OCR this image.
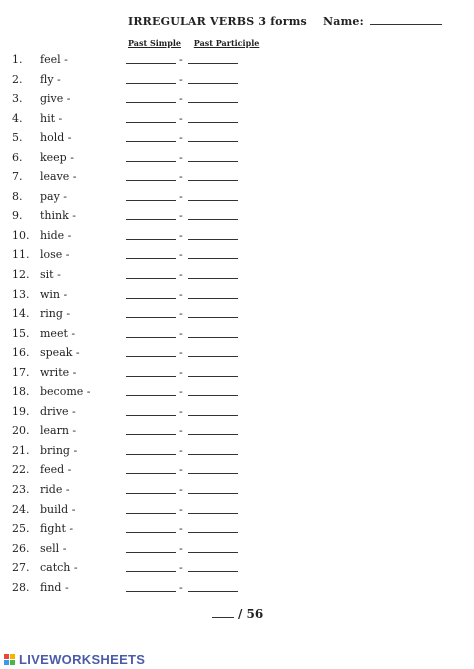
IRREGULAR VERBS 3 forms Name:
Past Simple Past Participle
1. feel -	-
2. fly -	-
3. give -	-
4. hit -	-
5. hold -	-
6. keep -	-
7. leave -	-
8. pay -	-
9. think -	-
10. hide -	-
11. lose -	-
12. sit -	-
13. win -	-
14. ring -	-
15. meet -	-
16. speak -	-
17. write -	-
18. become -	-
19. drive -	-
20. learn -	-
21. bring -	-
22. feed -	-
23. ride -	-
24. build -	-
25. fight -	-
26. sell -	-
27. catch -	-
28. find -	-
/ 56
LIVEWORKSHEETS
